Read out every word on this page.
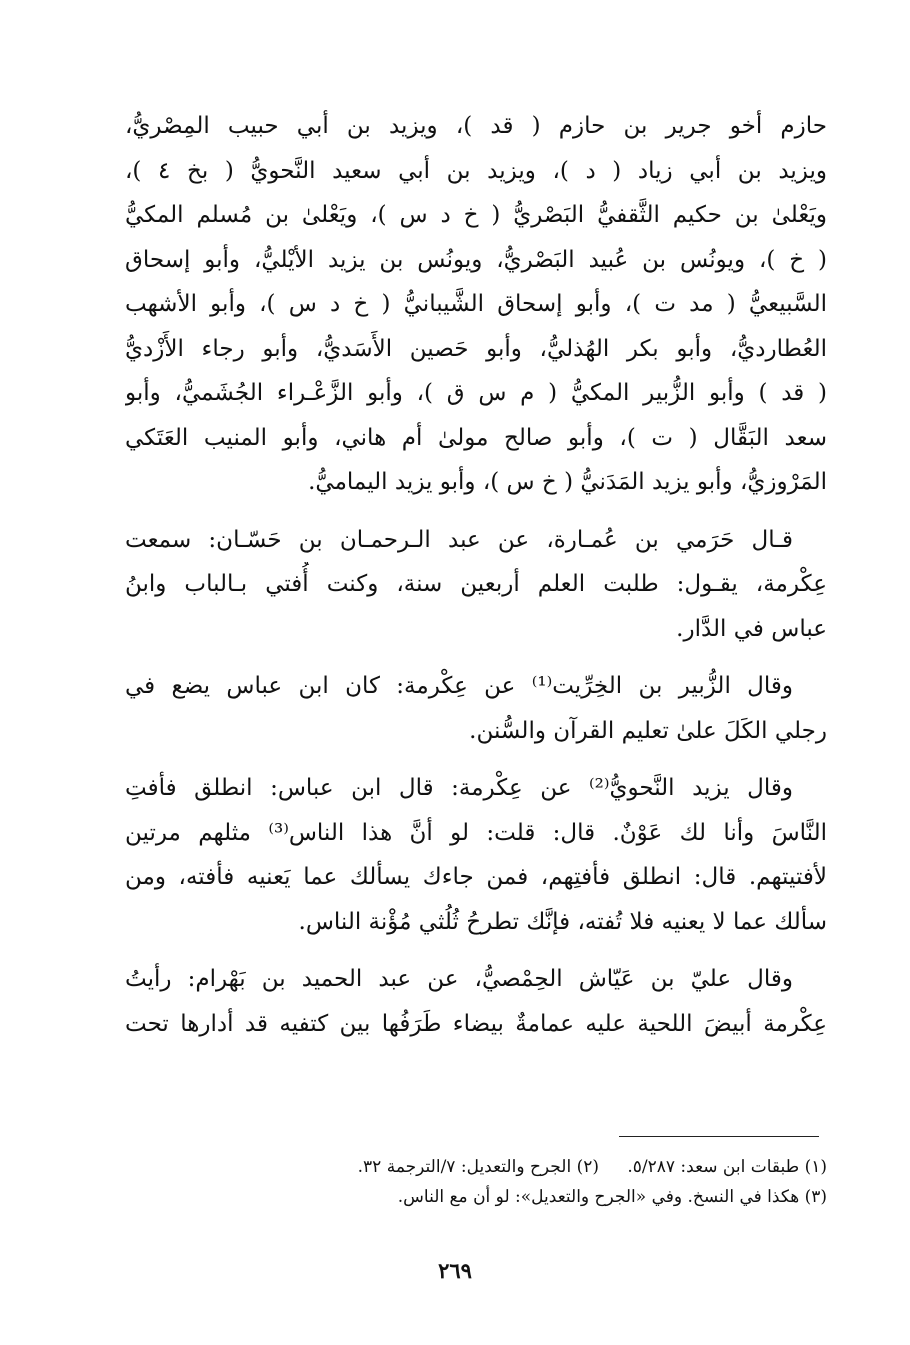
حازم أخو جرير بن حازم ( قد )، ويزيد بن أبي حبيب المِصْريُّ،
ويزيد بن أبي زياد ( د )، ويزيد بن أبي سعيد النَّحويُّ ( بخ ٤ )،
ويَعْلىٰ بن حكيم الثَّقفيُّ البَصْريُّ ( خ د س )، ويَعْلىٰ بن مُسلم المكيُّ
( خ )، ويونُس بن عُبيد البَصْريُّ، ويونُس بن يزيد الأيْليُّ، وأبو إسحاق
السَّبيعيُّ ( مد ت )، وأبو إسحاق الشَّيبانيُّ ( خ د س )، وأبو الأشهب
العُطارديُّ، وأبو بكر الهُذليُّ، وأبو حَصين الأَسَديُّ، وأبو رجاء الأَزْديُّ
( قد ) وأبو الزُّبير المكيُّ ( م س ق )، وأبو الزَّعْـراء الجُشَميُّ، وأبو
سعد البَقَّال ( ت )، وأبو صالح مولىٰ أم هاني، وأبو المنيب العَتَكي
المَرْوزيُّ، وأبو يزيد المَدَنيُّ ( خ س )، وأبو يزيد اليماميُّ.
قـال حَرَمي بن عُمـارة، عن عبد الـرحمـان بن حَسّـان: سمعت
عِكْرمة، يقـول: طلبت العلم أربعين سنة، وكنت أُفتي بـالباب وابنُ
عباس في الدَّار.
وقال الزُّبير بن الخِرِّيت⁽¹⁾ عن عِكْرمة: كان ابن عباس يضع في
رجلي الكَلَ علىٰ تعليم القرآن والسُّنن.
وقال يزيد النَّحويُّ⁽²⁾ عن عِكْرمة: قال ابن عباس: انطلق فأفتِ
النَّاسَ وأنا لك عَوْنٌ. قال: قلت: لو أنَّ هذا الناس⁽³⁾ مثلهم مرتين
لأفتيتهم. قال: انطلق فأفتِهم، فمن جاءك يسألك عما يَعنيه فأفته، ومن
سألك عما لا يعنيه فلا تُفته، فإنَّك تطرحُ ثُلُثي مُؤْنة الناس.
وقال عليّ بن عَيّاش الحِمْصيُّ، عن عبد الحميد بن بَهْرام: رأيتُ
عِكْرمة أبيضَ اللحية عليه عمامةٌ بيضاء طَرَفُها بين كتفيه قد أدارها تحت
(١) طبقات ابن سعد: ٥/٢٨٧.
(٢) الجرح والتعديل: ٧/الترجمة ٣٢.
(٣) هكذا في النسخ. وفي «الجرح والتعديل»: لو أن مع الناس.
٢٦٩
